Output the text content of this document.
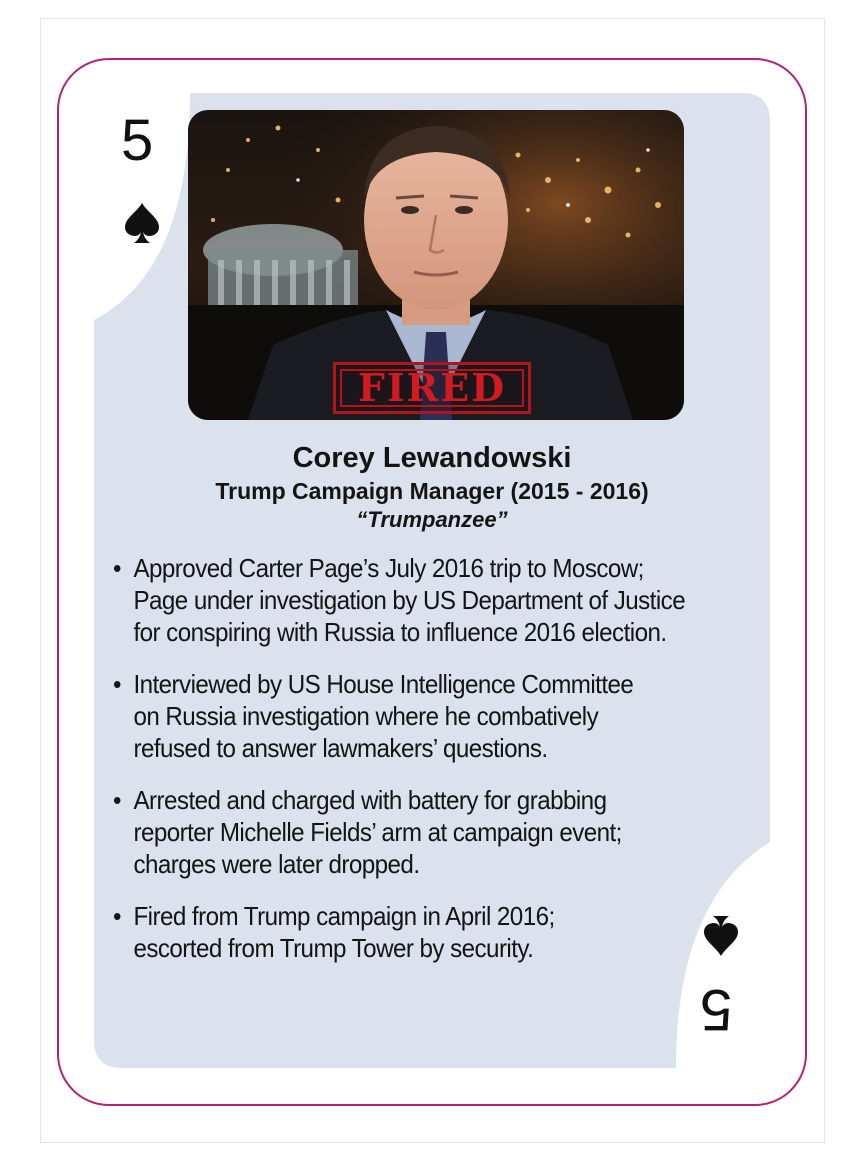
5
5
FIRED
Corey Lewandowski
Trump Campaign Manager (2015 - 2016)
“Trumpanzee”
• Approved Carter Page’s July 2016 trip to Moscow;
Page under investigation by US Department of Justice
for conspiring with Russia to influence 2016 election.
• Interviewed by US House Intelligence Committee
on Russia investigation where he combatively
refused to answer lawmakers’ questions.
• Arrested and charged with battery for grabbing
reporter Michelle Fields’ arm at campaign event;
charges were later dropped.
• Fired from Trump campaign in April 2016;
escorted from Trump Tower by security.
